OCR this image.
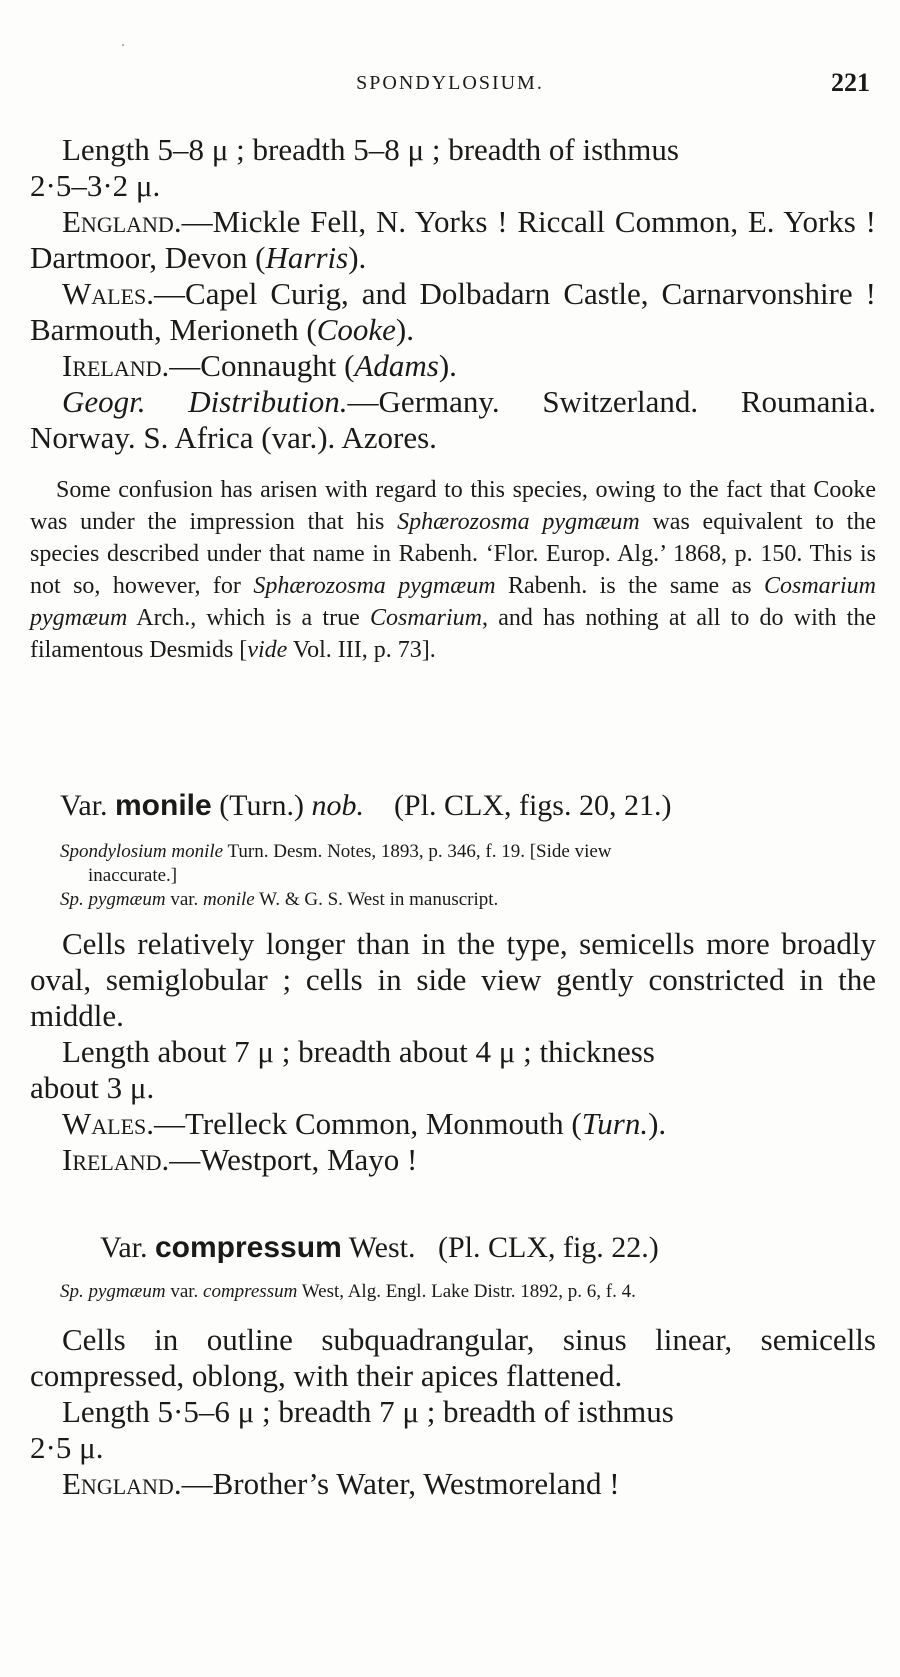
SPONDYLOSIUM.	221

Length 5–8 μ ; breadth 5–8 μ ; breadth of isthmus
2·5–3·2 μ.

England.—Mickle Fell, N. Yorks ! Riccall Common, E. Yorks ! Dartmoor, Devon (Harris).

Wales.—Capel Curig, and Dolbadarn Castle, Carnarvonshire ! Barmouth, Merioneth (Cooke).

Ireland.—Connaught (Adams).

Geogr. Distribution.—Germany. Switzerland. Roumania. Norway. S. Africa (var.). Azores.

Some confusion has arisen with regard to this species, owing to the fact that Cooke was under the impression that his Sphærozosma pygmæum was equivalent to the species described under that name in Rabenh. ‘Flor. Europ. Alg.’ 1868, p. 150. This is not so, however, for Sphærozosma pygmæum Rabenh. is the same as Cosmarium pygmæum Arch., which is a true Cosmarium, and has nothing at all to do with the filamentous Desmids [vide Vol. III, p. 73].

Var. monile (Turn.) nob. (Pl. CLX, figs. 20, 21.)

Spondylosium monile Turn. Desm. Notes, 1893, p. 346, f. 19. [Side view

inaccurate.]

Sp. pygmæum var. monile W. & G. S. West in manuscript.

Cells relatively longer than in the type, semicells more broadly oval, semiglobular ; cells in side view gently constricted in the middle.

Length about 7 μ ; breadth about 4 μ ; thickness
about 3 μ.

Wales.—Trelleck Common, Monmouth (Turn.).

Ireland.—Westport, Mayo !

Var. compressum West. (Pl. CLX, fig. 22.)

Sp. pygmæum var. compressum West, Alg. Engl. Lake Distr. 1892, p. 6, f. 4.

Cells in outline subquadrangular, sinus linear, semicells compressed, oblong, with their apices flattened.

Length 5·5–6 μ ; breadth 7 μ ; breadth of isthmus
2·5 μ.

England.—Brother’s Water, Westmoreland !
